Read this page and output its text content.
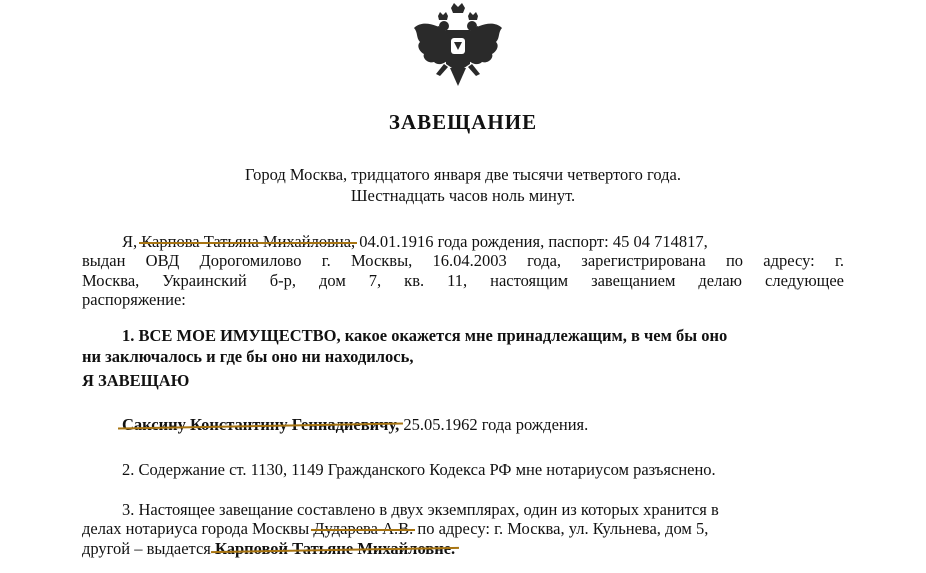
ЗАВЕЩАНИЕ
Город Москва, тридцатого января две тысячи четвертого года.
Шестнадцать часов ноль минут.
Я, Карпова Татьяна Михайловна, 04.01.1916 года рождения, паспорт: 45 04 714817,
выдан ОВД Дорогомилово г. Москвы, 16.04.2003 года, зарегистрирована по адресу: г.
Москва, Украинский б-р, дом 7, кв. 11, настоящим завещанием делаю следующее
распоряжение:
1. ВСЕ МОЕ ИМУЩЕСТВО, какое окажется мне принадлежащим, в чем бы оно
ни заключалось и где бы оно ни находилось,
Я ЗАВЕЩАЮ
Саксину Константину Геннадиевичу, 25.05.1962 года рождения.
2. Содержание ст. 1130, 1149 Гражданского Кодекса РФ мне нотариусом разъяснено.
3. Настоящее завещание составлено в двух экземплярах, один из которых хранится в
делах нотариуса города Москвы Дударева А.В. по адресу: г. Москва, ул. Кульнева, дом 5,
другой – выдается Карповой Татьяне Михайловне.
